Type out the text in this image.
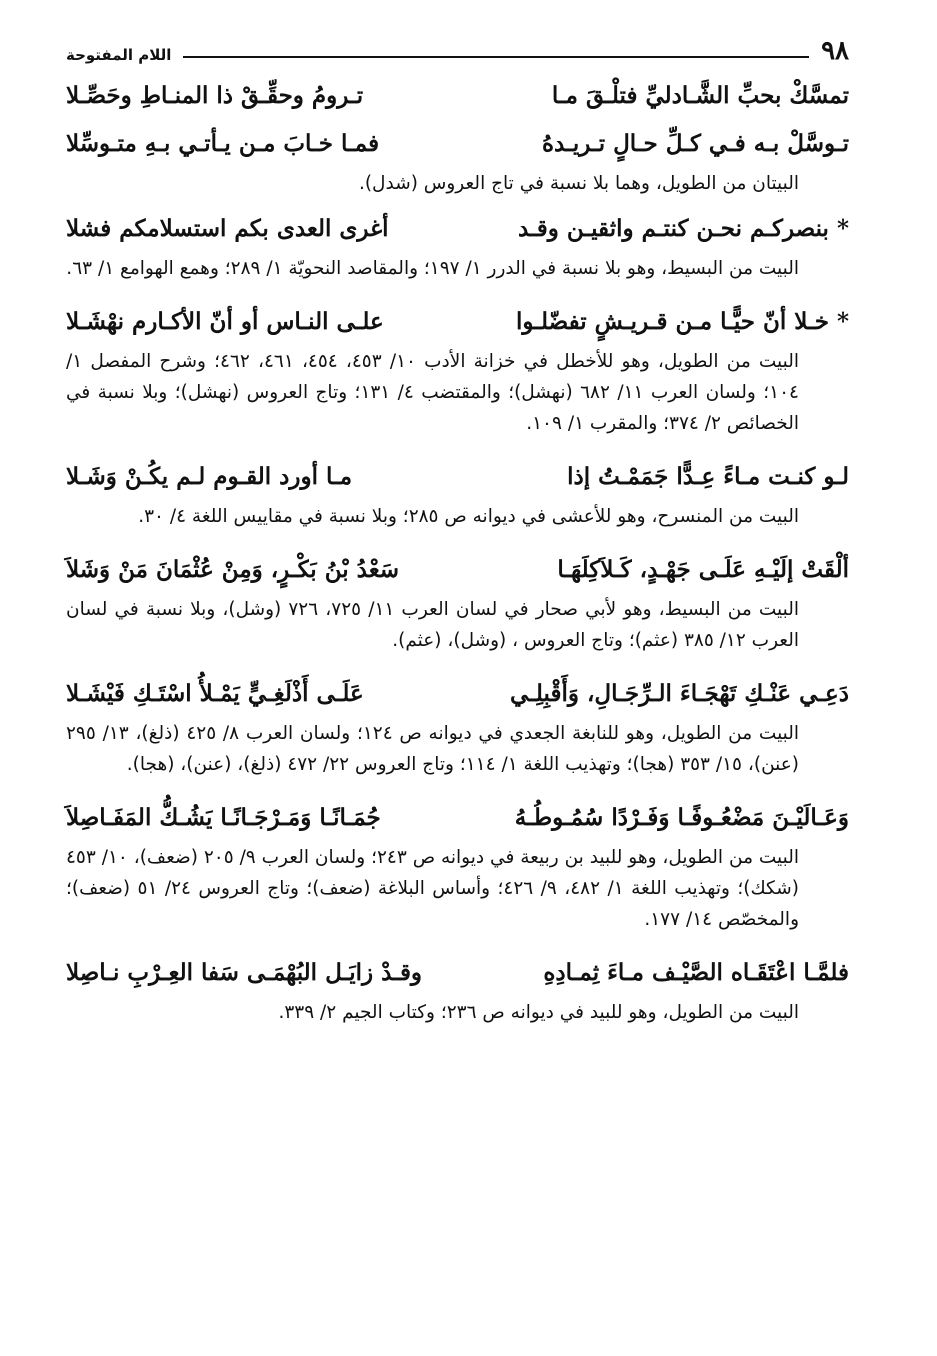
٩٨
اللام المفتوحة
تمسَّكْ بحبِّ الشَّـادليِّ فتلْـقَ مـا
تـرومُ وحقِّـقْ ذا المنـاطِ وحَصِّـلا
تـوسَّلْ بـه فـي كـلِّ حـالٍ تـريـدهُ
فمـا خـابَ مـن يـأتـي بـهِ متـوسِّلا

البيتان من الطويل، وهما بلا نسبة في تاج العروس (شدل).

* بنصركـم نحـن كنتـم واثقيـن وقـد
أغرى العدى بكم استسلامكم فشلا

البيت من البسيط، وهو بلا نسبة في الدرر ١/ ١٩٧؛ والمقاصد النحويّة ١/ ٢٨٩؛ وهمع الهوامع ١/ ٦٣.

* خـلا أنّ حيًّـا مـن قـريـشٍ تفضّلـوا
علـى النـاس أو أنّ الأكـارم نهْشَـلا

البيت من الطويل، وهو للأخطل في خزانة الأدب ١٠/ ٤٥٣، ٤٥٤، ٤٦١، ٤٦٢؛ وشرح المفصل ١/ ١٠٤؛ ولسان العرب ١١/ ٦٨٢ (نهشل)؛ والمقتضب ٤/ ١٣١؛ وتاج العروس (نهشل)؛ وبلا نسبة في الخصائص ٢/ ٣٧٤؛ والمقرب ١/ ١٠٩.

لـو كنـت مـاءً عِـدًّا جَمَمْـتُ إذا
مـا أورد القـوم لـم يكُـنْ وَشَـلا

البيت من المنسرح، وهو للأعشى في ديوانه ص ٢٨٥؛ وبلا نسبة في مقاييس اللغة ٤/ ٣٠.

ألْقَتْ إلَيْـهِ عَلَـى جَهْـدٍ، كَـلاَكِلَهَـا
سَعْدُ بْنُ بَكْـرٍ، وَمِنْ عُثْمَانَ مَنْ وَشَلاَ

البيت من البسيط، وهو لأبي صحار في لسان العرب ١١/ ٧٢٥، ٧٢٦ (وشل)، وبلا نسبة في لسان العرب ١٢/ ٣٨٥ (عثم)؛ وتاج العروس ، (وشل)، (عثم).

دَعِـي عَنْـكِ تَهْجَـاءَ الـرِّجَـالِ، وَأَقْبِلِـي
عَلَـى أَذْلَغِـيٍّ يَمْـلأُ اسْتَـكِ فَيْشَـلا

البيت من الطويل، وهو للنابغة الجعدي في ديوانه ص ١٢٤؛ ولسان العرب ٨/ ٤٢٥ (ذلغ)، ١٣/ ٢٩٥ (عنن)، ١٥/ ٣٥٣ (هجا)؛ وتهذيب اللغة ١/ ١١٤؛ وتاج العروس ٢٢/ ٤٧٢ (ذلغ)، (عنن)، (هجا).

وَعَـالَيْـنَ مَضْعُـوفًـا وَفَـرْدًا سُمُـوطُـهُ
جُمَـانًـا وَمَـرْجَـانًـا يَشُـكُّ المَفَـاصِلاَ

البيت من الطويل، وهو للبيد بن ربيعة في ديوانه ص ٢٤٣؛ ولسان العرب ٩/ ٢٠٥ (ضعف)، ١٠/ ٤٥٣ (شكك)؛ وتهذيب اللغة ١/ ٤٨٢، ٩/ ٤٢٦؛ وأساس البلاغة (ضعف)؛ وتاج العروس ٢٤/ ٥١ (ضعف)؛ والمخصّص ١٤/ ١٧٧.

فلمَّـا اعْتَقَـاه الصَّيْـف مـاءَ ثِمـادِهِ
وقـدْ زايَـل البُهْمَـى سَفا العِـرْبِ نـاصِلا

البيت من الطويل، وهو للبيد في ديوانه ص ٢٣٦؛ وكتاب الجيم ٢/ ٣٣٩.
